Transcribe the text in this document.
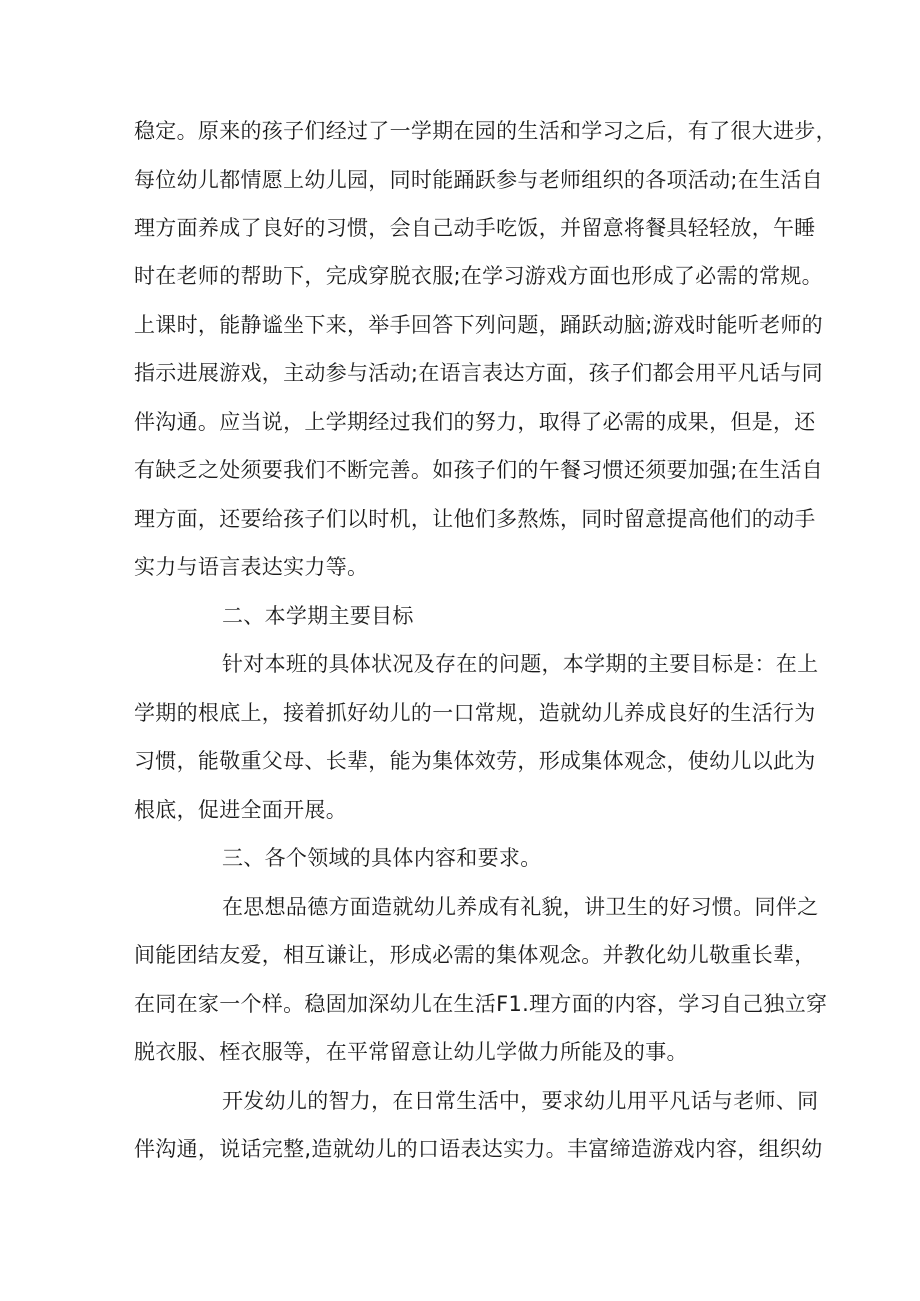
稳定。原来的孩子们经过了一学期在园的生活和学习之后，有了很大进步，
每位幼儿都情愿上幼儿园，同时能踊跃参与老师组织的各项活动;在生活自
理方面养成了良好的习惯，会自己动手吃饭，并留意将餐具轻轻放，午睡
时在老师的帮助下，完成穿脱衣服;在学习游戏方面也形成了必需的常规。
上课时，能静谧坐下来，举手回答下列问题，踊跃动脑;游戏时能听老师的
指示进展游戏，主动参与活动;在语言表达方面，孩子们都会用平凡话与同
伴沟通。应当说，上学期经过我们的努力，取得了必需的成果，但是，还
有缺乏之处须要我们不断完善。如孩子们的午餐习惯还须要加强;在生活自
理方面，还要给孩子们以时机，让他们多熬炼，同时留意提高他们的动手
实力与语言表达实力等。
二、本学期主要目标
针对本班的具体状况及存在的问题，本学期的主要目标是：在上
学期的根底上，接着抓好幼儿的一口常规，造就幼儿养成良好的生活行为
习惯，能敬重父母、长辈，能为集体效劳，形成集体观念，使幼儿以此为
根底，促进全面开展。
三、各个领域的具体内容和要求。
在思想品德方面造就幼儿养成有礼貌，讲卫生的好习惯。同伴之
间能团结友爱，相互谦让，形成必需的集体观念。并教化幼儿敬重长辈，
在同在家一个样。稳固加深幼儿在生活F1.理方面的内容，学习自己独立穿
脱衣服、桎衣服等，在平常留意让幼儿学做力所能及的事。
开发幼儿的智力，在日常生活中，要求幼儿用平凡话与老师、同
伴沟通，说话完整,造就幼儿的口语表达实力。丰富缔造游戏内容，组织幼
